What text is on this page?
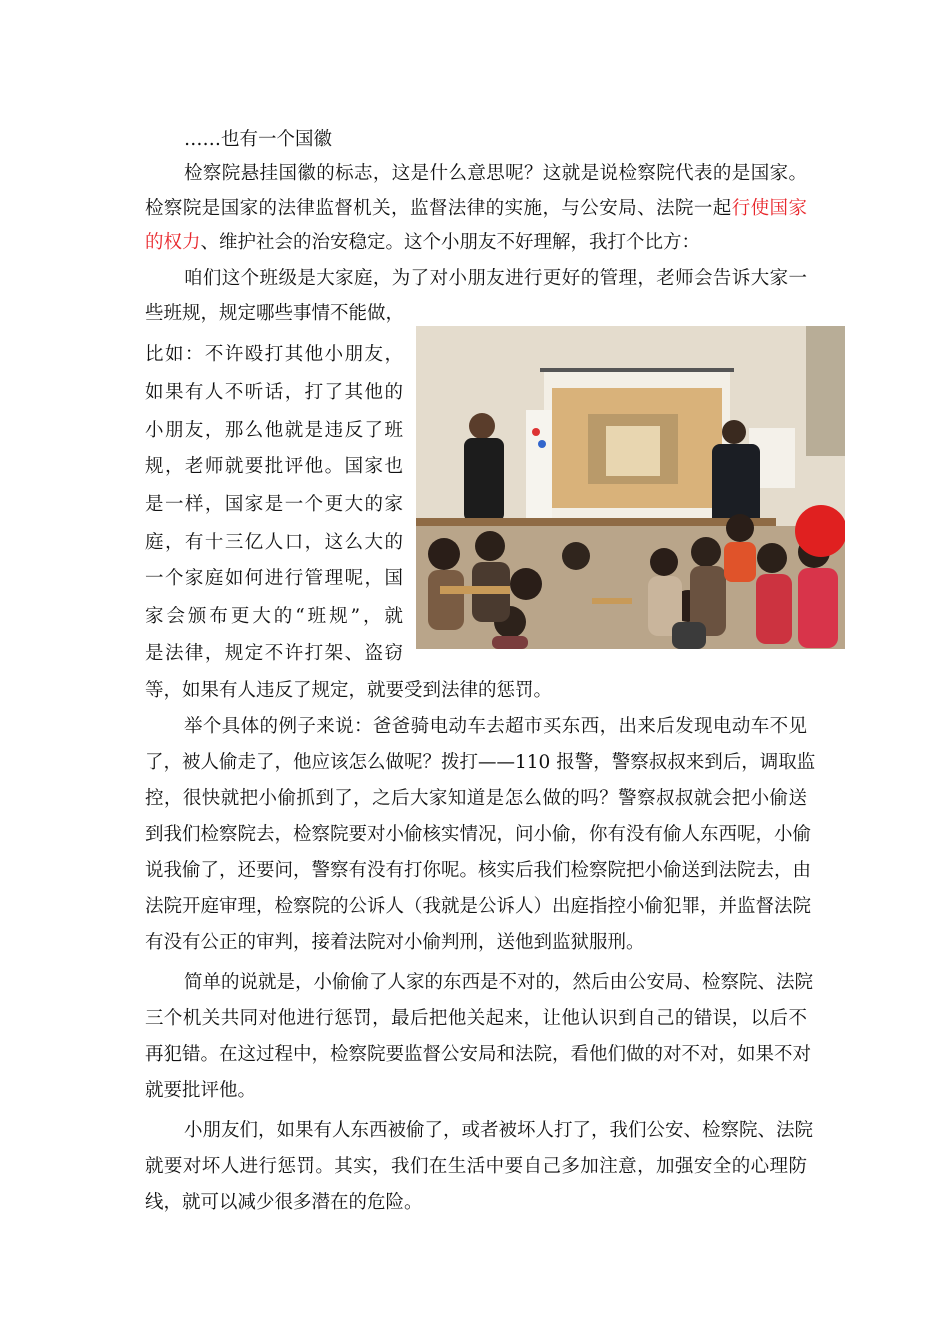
……也有一个国徽
检察院悬挂国徽的标志，这是什么意思呢？这就是说检察院代表的是国家。
检察院是国家的法律监督机关，监督法律的实施，与公安局、法院一起行使国家
的权力、维护社会的治安稳定。这个小朋友不好理解，我打个比方：
咱们这个班级是大家庭，为了对小朋友进行更好的管理，老师会告诉大家一
些班规，规定哪些事情不能做，
比如：不许殴打其他小朋友，
如果有人不听话，打了其他的
小朋友，那么他就是违反了班
规，老师就要批评他。国家也
是一样，国家是一个更大的家
庭，有十三亿人口，这么大的
一个家庭如何进行管理呢，国
家会颁布更大的“班规”，就
是法律，规定不许打架、盗窃
等，如果有人违反了规定，就要受到法律的惩罚。
举个具体的例子来说：爸爸骑电动车去超市买东西，出来后发现电动车不见
了，被人偷走了，他应该怎么做呢？拨打——110 报警，警察叔叔来到后，调取监
控，很快就把小偷抓到了，之后大家知道是怎么做的吗？警察叔叔就会把小偷送
到我们检察院去，检察院要对小偷核实情况，问小偷，你有没有偷人东西呢，小偷
说我偷了，还要问，警察有没有打你呢。核实后我们检察院把小偷送到法院去，由
法院开庭审理，检察院的公诉人（我就是公诉人）出庭指控小偷犯罪，并监督法院
有没有公正的审判，接着法院对小偷判刑，送他到监狱服刑。
简单的说就是，小偷偷了人家的东西是不对的，然后由公安局、检察院、法院
三个机关共同对他进行惩罚，最后把他关起来，让他认识到自己的错误，以后不
再犯错。在这过程中，检察院要监督公安局和法院，看他们做的对不对，如果不对
就要批评他。
小朋友们，如果有人东西被偷了，或者被坏人打了，我们公安、检察院、法院
就要对坏人进行惩罚。其实，我们在生活中要自己多加注意，加强安全的心理防
线，就可以减少很多潜在的危险。
